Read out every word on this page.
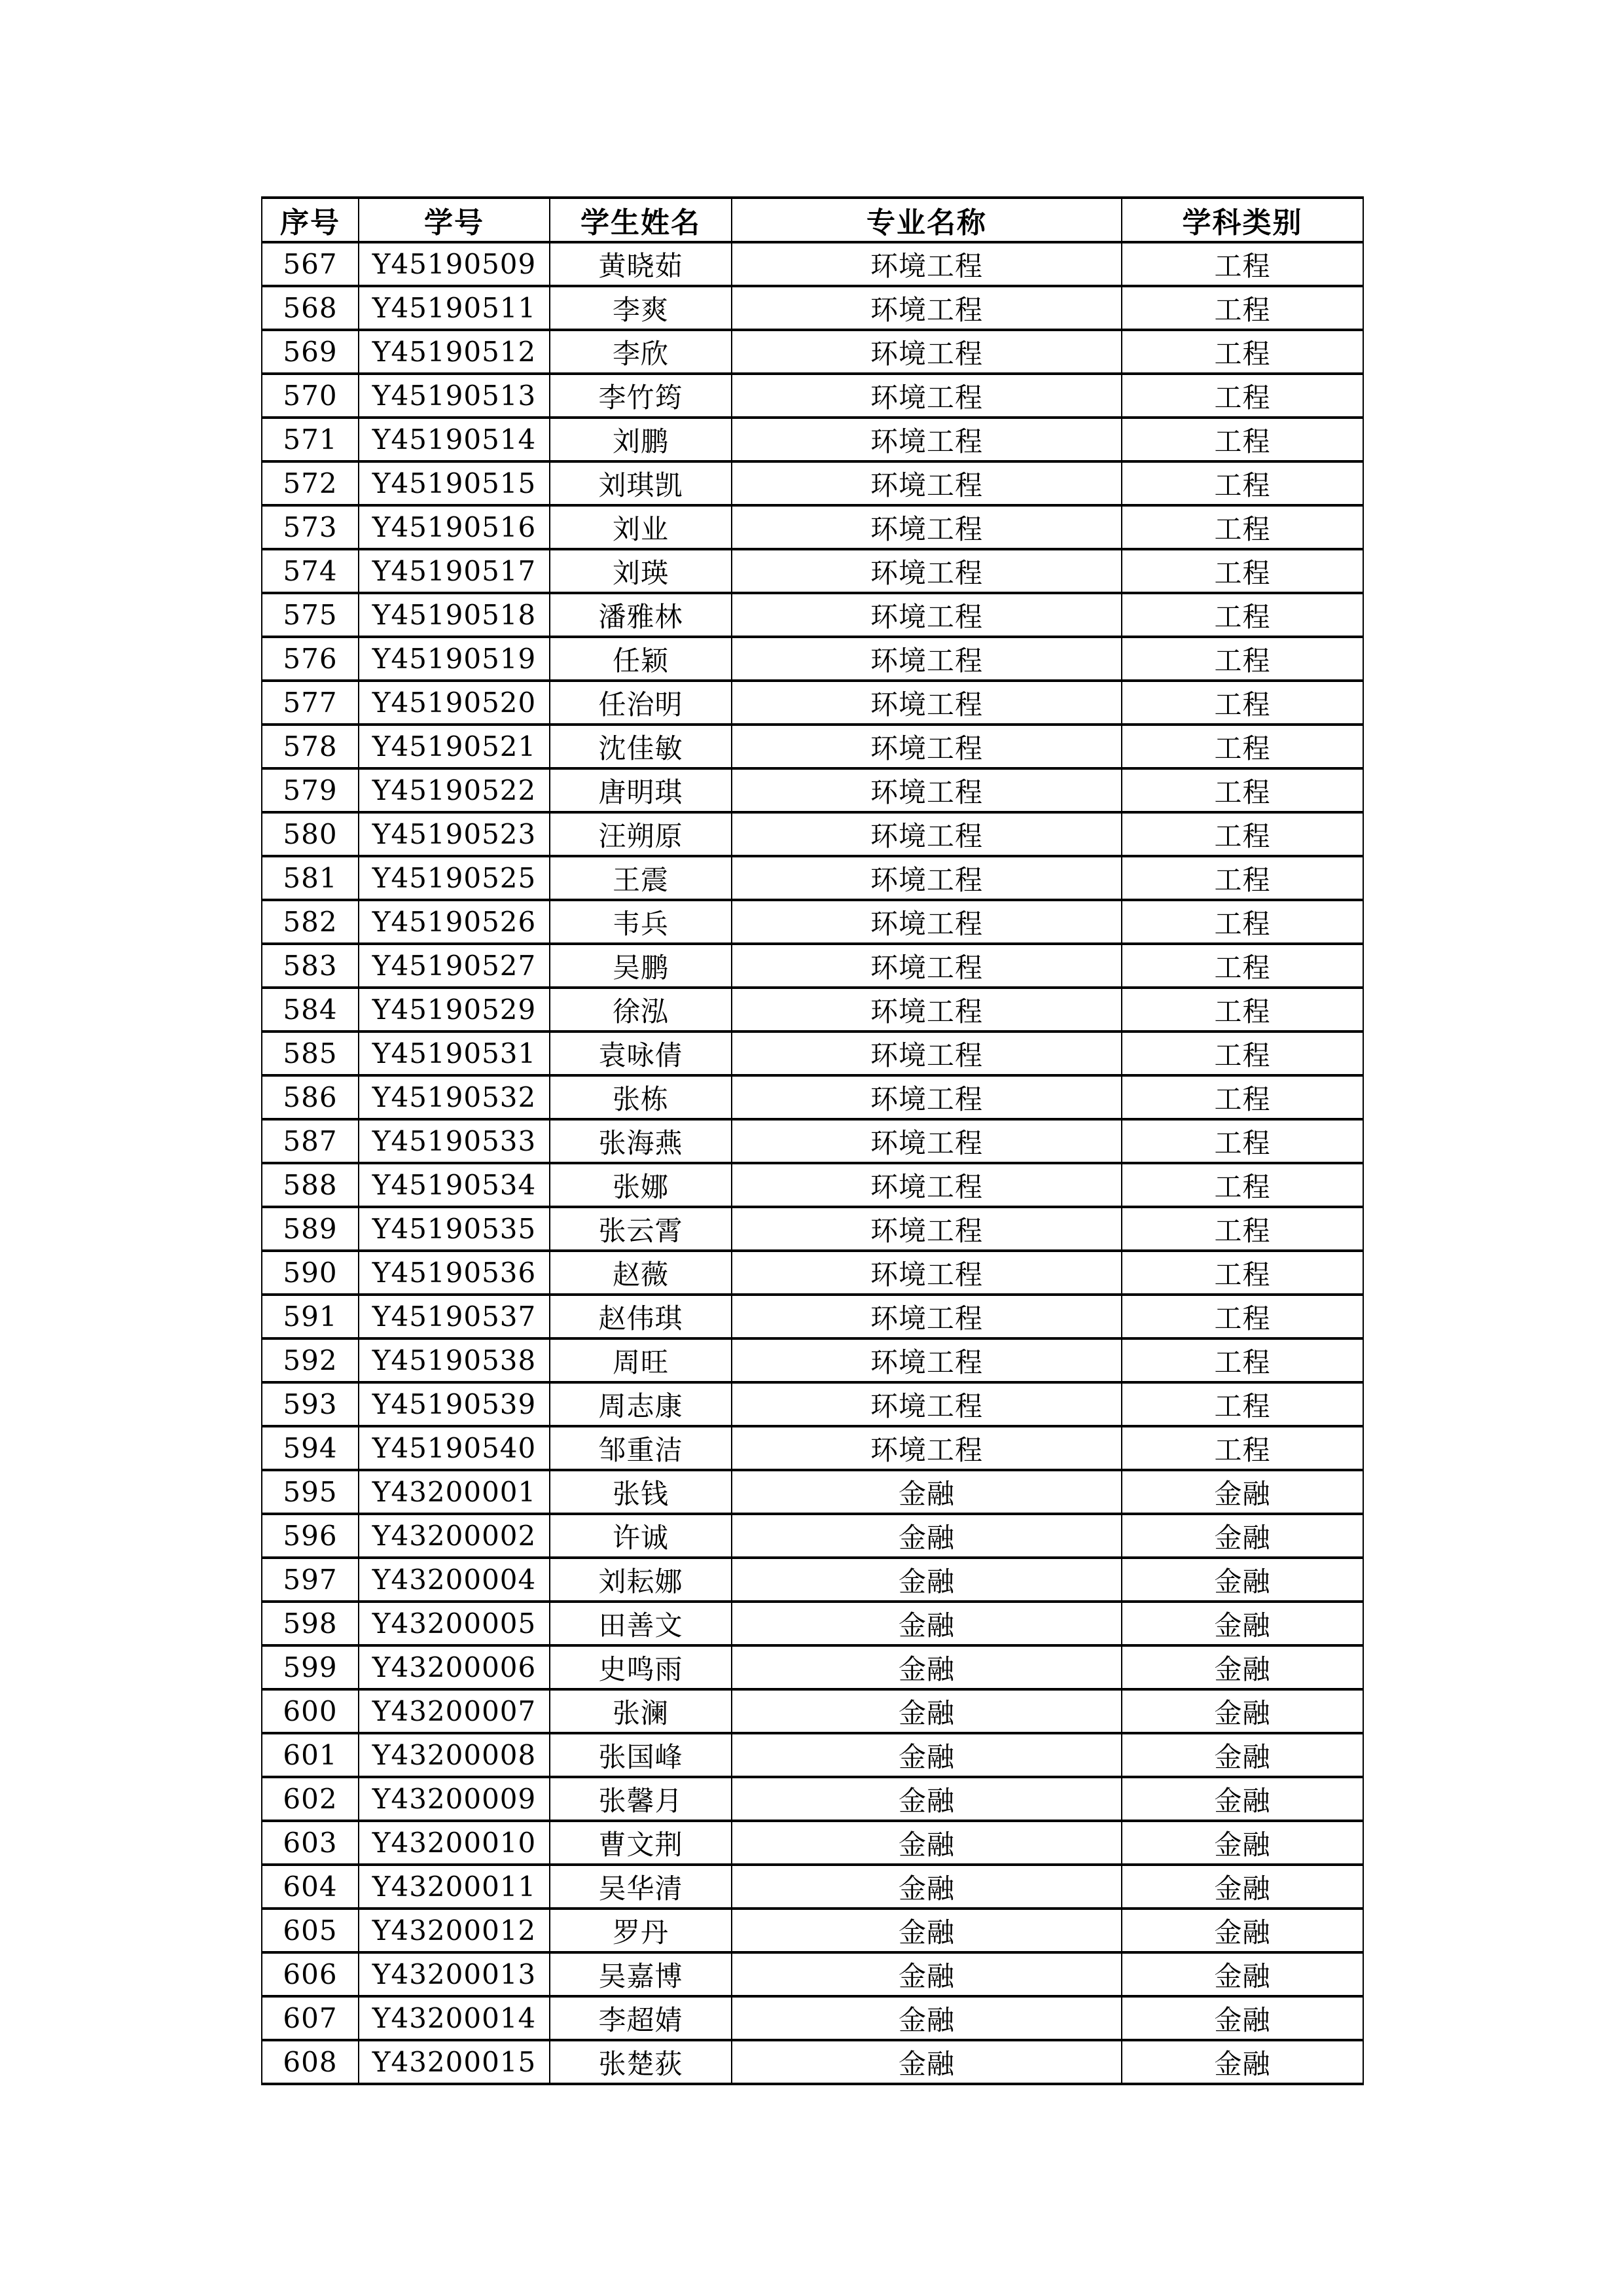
序号	学号	学生姓名	专业名称	学科类别
567	Y45190509	黄晓茹	环境工程	工程
568	Y45190511	李爽	环境工程	工程
569	Y45190512	李欣	环境工程	工程
570	Y45190513	李竹筠	环境工程	工程
571	Y45190514	刘鹏	环境工程	工程
572	Y45190515	刘琪凯	环境工程	工程
573	Y45190516	刘业	环境工程	工程
574	Y45190517	刘瑛	环境工程	工程
575	Y45190518	潘雅林	环境工程	工程
576	Y45190519	任颖	环境工程	工程
577	Y45190520	任治明	环境工程	工程
578	Y45190521	沈佳敏	环境工程	工程
579	Y45190522	唐明琪	环境工程	工程
580	Y45190523	汪朔原	环境工程	工程
581	Y45190525	王震	环境工程	工程
582	Y45190526	韦兵	环境工程	工程
583	Y45190527	吴鹏	环境工程	工程
584	Y45190529	徐泓	环境工程	工程
585	Y45190531	袁咏倩	环境工程	工程
586	Y45190532	张栋	环境工程	工程
587	Y45190533	张海燕	环境工程	工程
588	Y45190534	张娜	环境工程	工程
589	Y45190535	张云霄	环境工程	工程
590	Y45190536	赵薇	环境工程	工程
591	Y45190537	赵伟琪	环境工程	工程
592	Y45190538	周旺	环境工程	工程
593	Y45190539	周志康	环境工程	工程
594	Y45190540	邹重洁	环境工程	工程
595	Y43200001	张钱	金融	金融
596	Y43200002	许诚	金融	金融
597	Y43200004	刘耘娜	金融	金融
598	Y43200005	田善文	金融	金融
599	Y43200006	史鸣雨	金融	金融
600	Y43200007	张澜	金融	金融
601	Y43200008	张国峰	金融	金融
602	Y43200009	张馨月	金融	金融
603	Y43200010	曹文荆	金融	金融
604	Y43200011	吴华清	金融	金融
605	Y43200012	罗丹	金融	金融
606	Y43200013	吴嘉博	金融	金融
607	Y43200014	李超婧	金融	金融
608	Y43200015	张楚荻	金融	金融
